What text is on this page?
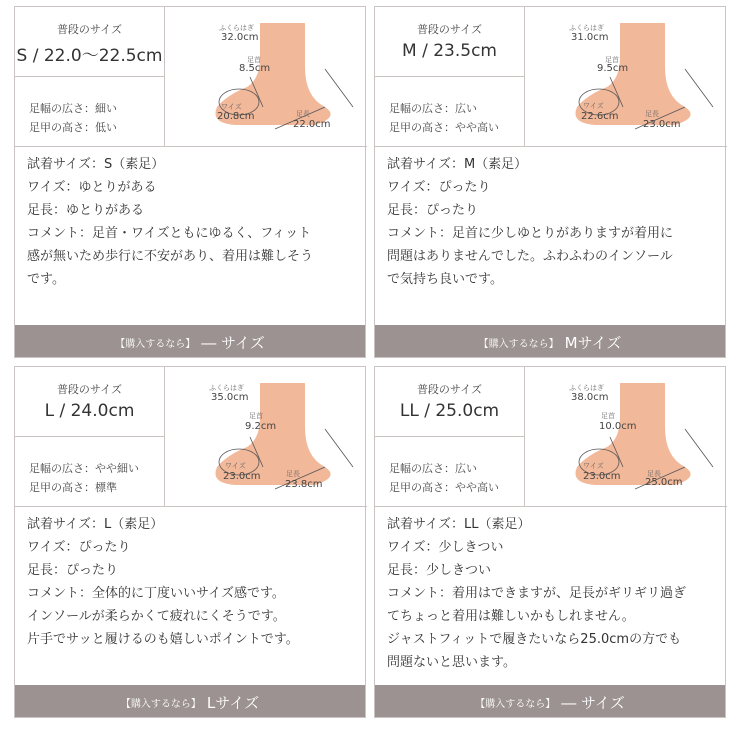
普段のサイズ
S / 22.0〜22.5cm
足幅の広さ：細い
足甲の高さ：低い
ふくらはぎ
32.0cm
足首
8.5cm
ワイズ
20.8cm	足長
22.0cm
試着サイズ：S（素足）
ワイズ：ゆとりがある
足長：ゆとりがある
コメント：足首・ワイズともにゆるく、フィット
感が無いため歩行に不安があり、着用は難しそう
です。
【購入するなら】 ― サイズ
普段のサイズ
M / 23.5cm
足幅の広さ：広い
足甲の高さ：やや高い
ふくらはぎ
31.0cm
足首
9.5cm
ワイズ
22.6cm	足長
23.0cm
試着サイズ：M（素足）
ワイズ：ぴったり
足長：ぴったり
コメント：足首に少しゆとりがありますが着用に
問題はありませんでした。ふわふわのインソール
で気持ち良いです。
【購入するなら】 Mサイズ
普段のサイズ
L / 24.0cm
足幅の広さ：やや細い
足甲の高さ：標準
ふくらはぎ
35.0cm
足首
9.2cm
ワイズ
23.0cm	足長
23.8cm
試着サイズ：L（素足）
ワイズ：ぴったり
足長：ぴったり
コメント：全体的に丁度いいサイズ感です。
インソールが柔らかくて疲れにくそうです。
片手でサッと履けるのも嬉しいポイントです。
【購入するなら】 Lサイズ
普段のサイズ
LL / 25.0cm
足幅の広さ：広い
足甲の高さ：やや高い
ふくらはぎ
38.0cm
足首
10.0cm
ワイズ
23.0cm	足長
25.0cm
試着サイズ：LL（素足）
ワイズ：少しきつい
足長：少しきつい
コメント：着用はできますが、足長がギリギリ過ぎ
てちょっと着用は難しいかもしれません。
ジャストフィットで履きたいなら25.0cmの方でも
問題ないと思います。
【購入するなら】 ― サイズ
